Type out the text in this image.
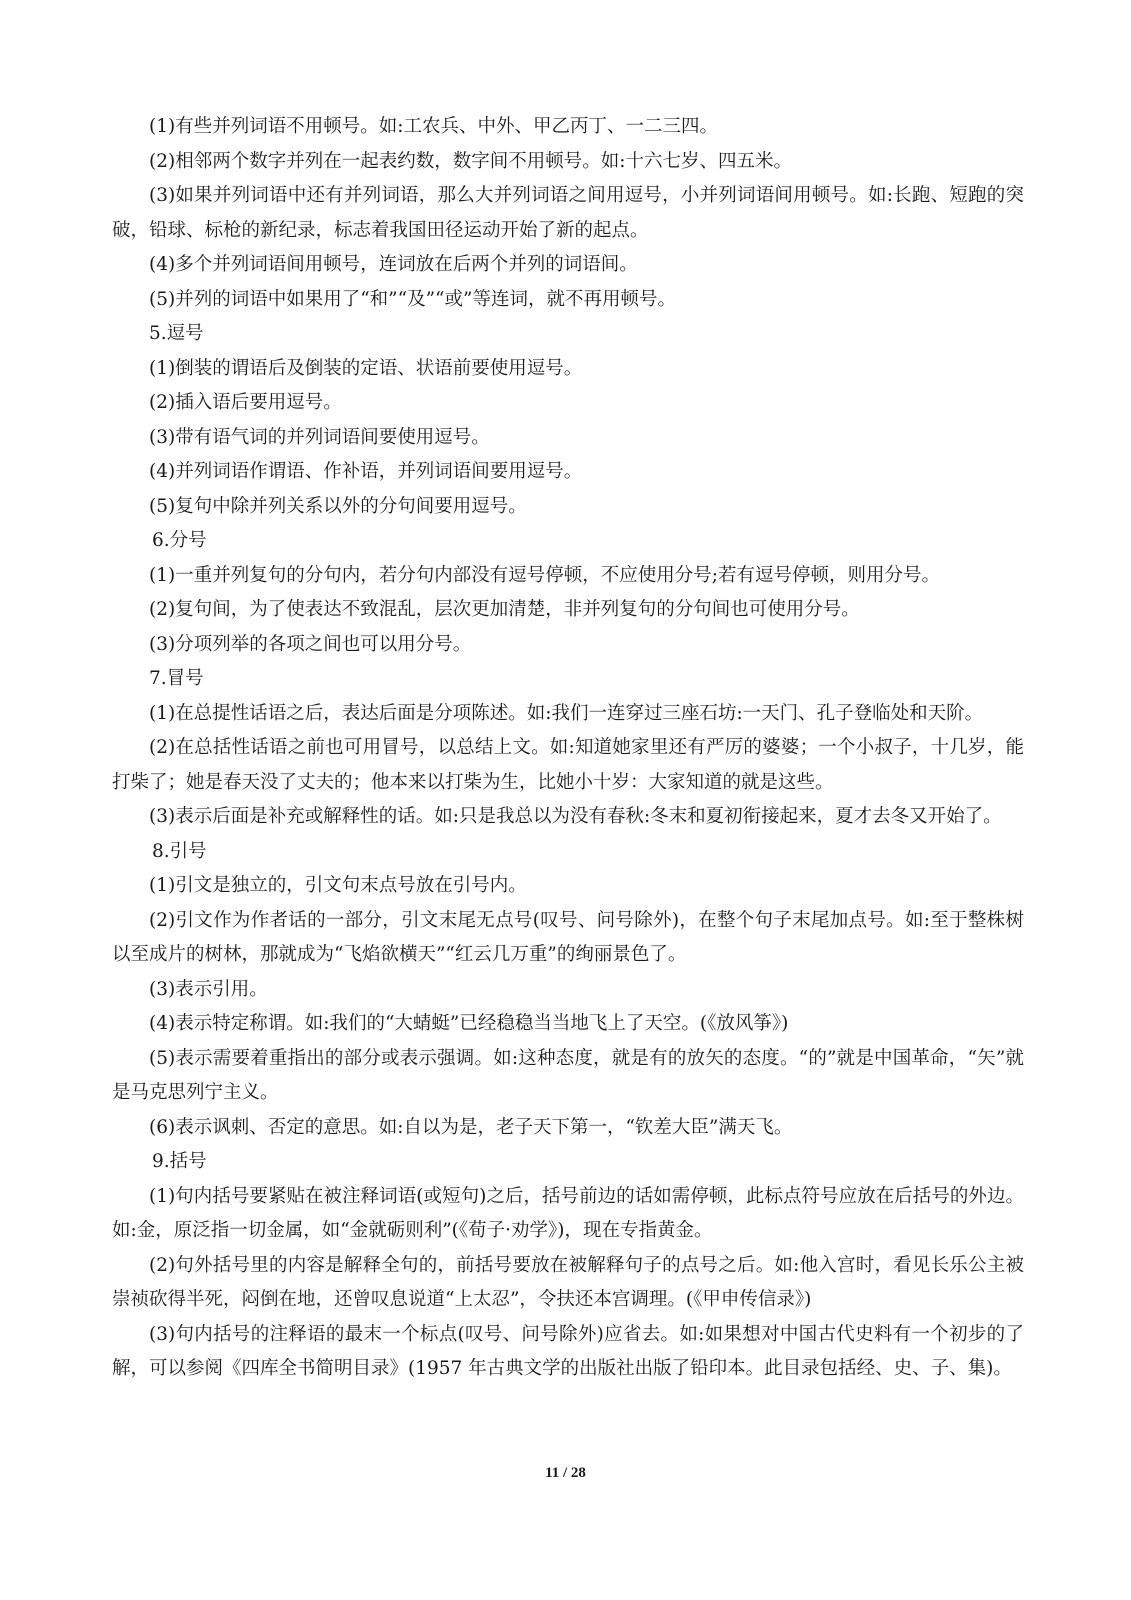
(1)有些并列词语不用顿号。如:工农兵、中外、甲乙丙丁、一二三四。

(2)相邻两个数字并列在一起表约数，数字间不用顿号。如:十六七岁、四五米。

(3)如果并列词语中还有并列词语，那么大并列词语之间用逗号，小并列词语间用顿号。如:长跑、短跑的突破，铅球、标枪的新纪录，标志着我国田径运动开始了新的起点。

(4)多个并列词语间用顿号，连词放在后两个并列的词语间。

(5)并列的词语中如果用了“和”“及”“或”等连词，就不再用顿号。

5.逗号

(1)倒装的谓语后及倒装的定语、状语前要使用逗号。

(2)插入语后要用逗号。

(3)带有语气词的并列词语间要使用逗号。

(4)并列词语作谓语、作补语，并列词语间要用逗号。

(5)复句中除并列关系以外的分句间要用逗号。

6.分号

(1)一重并列复句的分句内，若分句内部没有逗号停顿，不应使用分号;若有逗号停顿，则用分号。

(2)复句间，为了使表达不致混乱，层次更加清楚，非并列复句的分句间也可使用分号。

(3)分项列举的各项之间也可以用分号。

7.冒号

(1)在总提性话语之后，表达后面是分项陈述。如:我们一连穿过三座石坊:一天门、孔子登临处和天阶。

(2)在总括性话语之前也可用冒号，以总结上文。如:知道她家里还有严厉的婆婆；一个小叔子，十几岁，能打柴了；她是春天没了丈夫的；他本来以打柴为生，比她小十岁：大家知道的就是这些。

(3)表示后面是补充或解释性的话。如:只是我总以为没有春秋:冬末和夏初衔接起来，夏才去冬又开始了。

8.引号

(1)引文是独立的，引文句末点号放在引号内。

(2)引文作为作者话的一部分，引文末尾无点号(叹号、问号除外)，在整个句子末尾加点号。如:至于整株树以至成片的树林，那就成为“飞焰欲横天”“红云几万重”的绚丽景色了。

(3)表示引用。

(4)表示特定称谓。如:我们的“大蜻蜓”已经稳稳当当地飞上了天空。(《放风筝》)

(5)表示需要着重指出的部分或表示强调。如:这种态度，就是有的放矢的态度。“的”就是中国革命，“矢”就是马克思列宁主义。

(6)表示讽刺、否定的意思。如:自以为是，老子天下第一，“钦差大臣”满天飞。

9.括号

(1)句内括号要紧贴在被注释词语(或短句)之后，括号前边的话如需停顿，此标点符号应放在后括号的外边。如:金，原泛指一切金属，如“金就砺则利”(《荀子·劝学》)，现在专指黄金。

(2)句外括号里的内容是解释全句的，前括号要放在被解释句子的点号之后。如:他入宫时，看见长乐公主被崇祯砍得半死，闷倒在地，还曾叹息说道“上太忍”，令扶还本宫调理。(《甲申传信录》)

(3)句内括号的注释语的最末一个标点(叹号、问号除外)应省去。如:如果想对中国古代史料有一个初步的了解，可以参阅《四库全书简明目录》(1957 年古典文学的出版社出版了铅印本。此目录包括经、史、子、集)。

11 / 28
